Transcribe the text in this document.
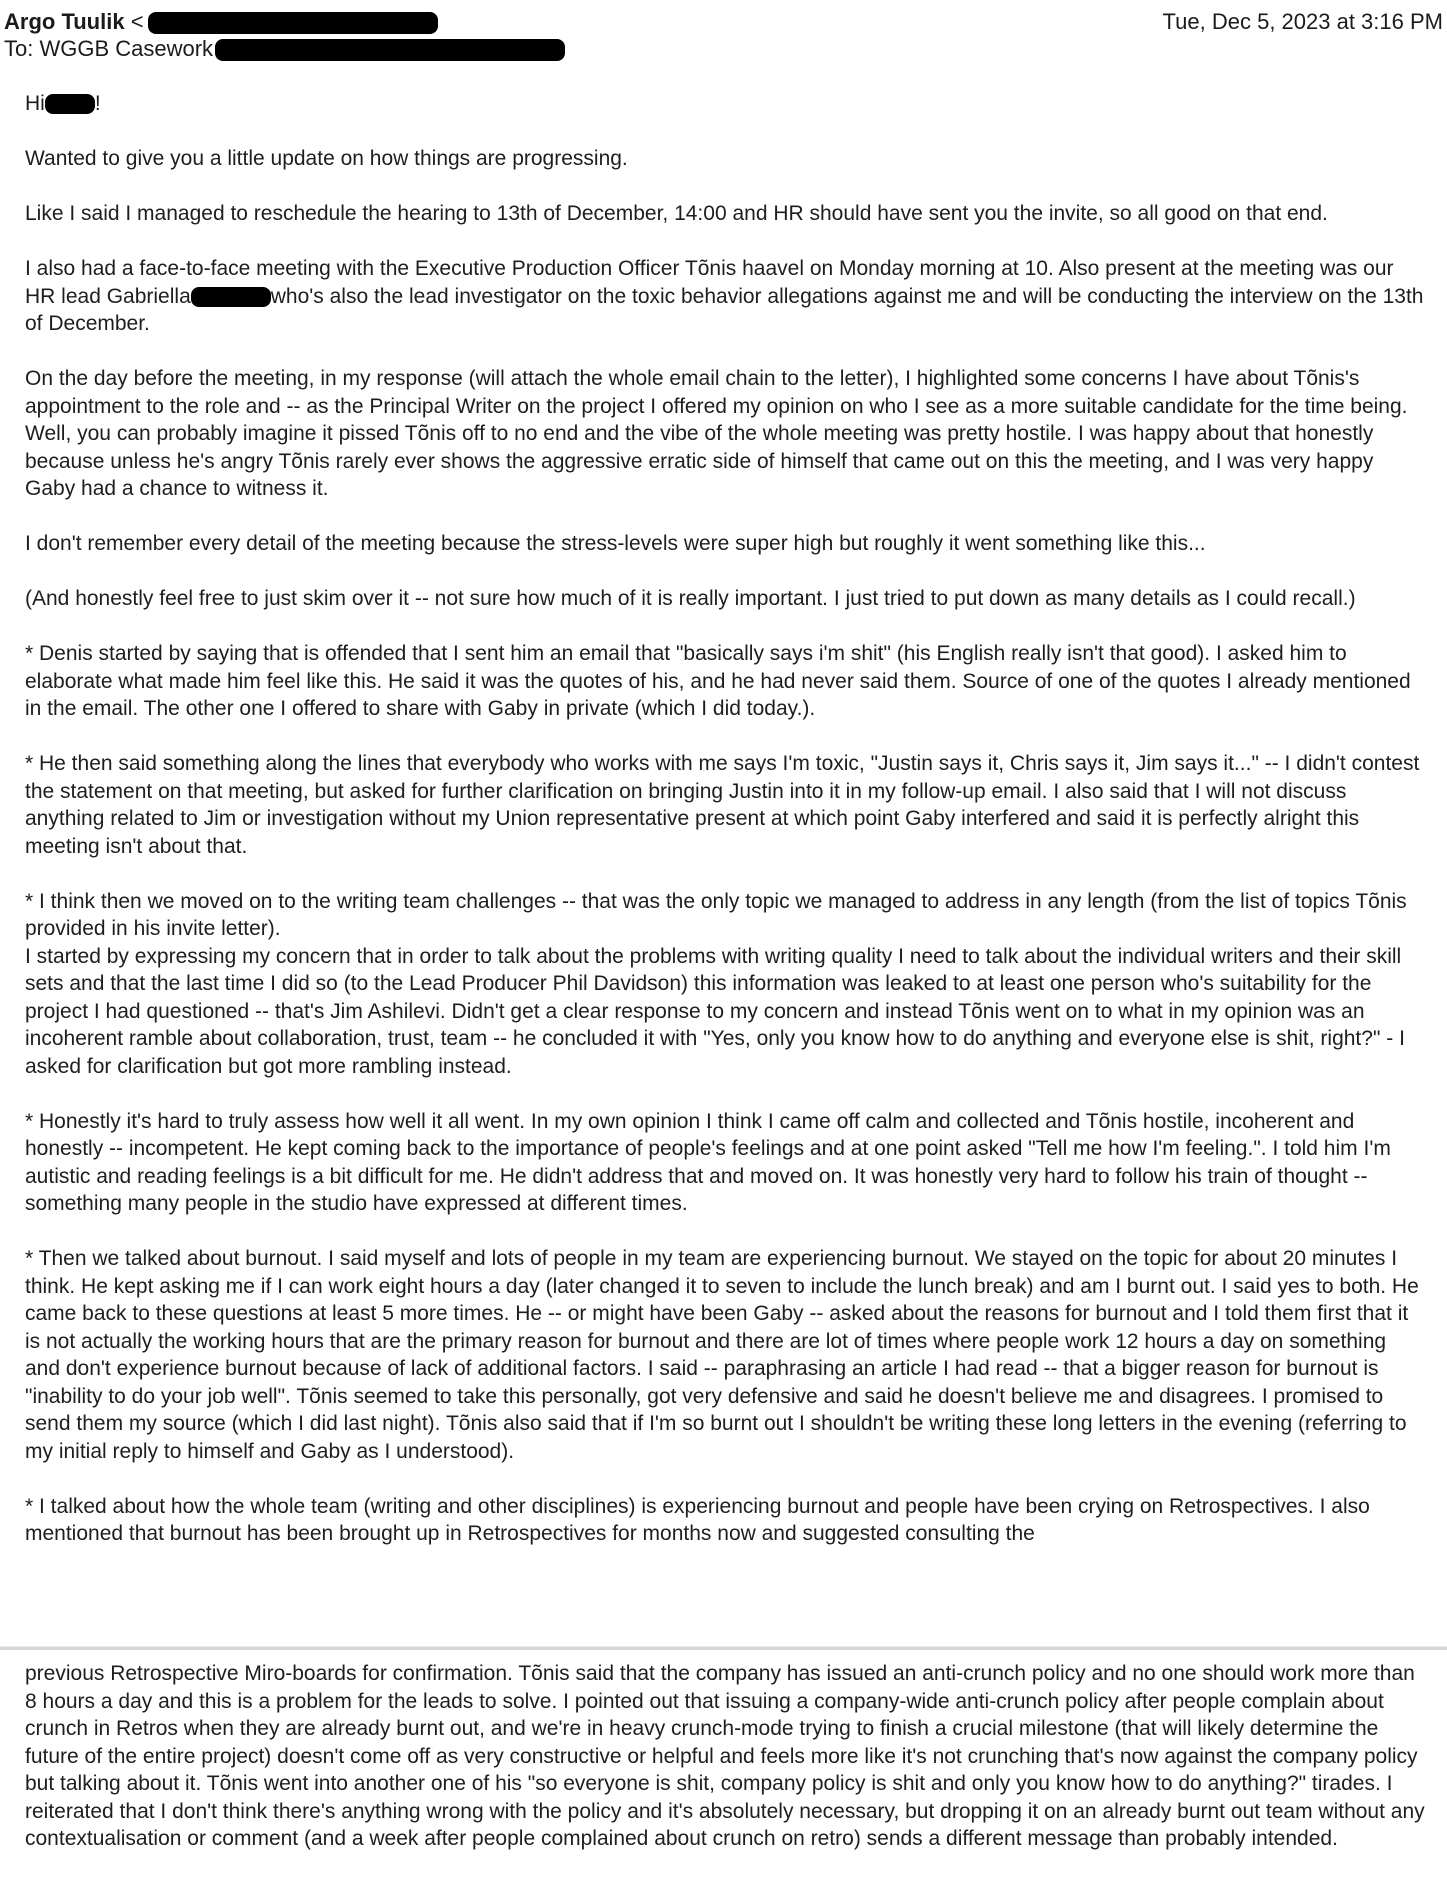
Argo Tuulik <
To: WGGB Casework
Tue, Dec 5, 2023 at 3:16 PM

Hi !

Wanted to give you a little update on how things are progressing.

Like I said I managed to reschedule the hearing to 13th of December, 14:00 and HR should have sent you the invite, so all good on that end.

I also had a face-to-face meeting with the Executive Production Officer Tõnis haavel on Monday morning at 10. Also present at the meeting was our HR lead Gabriella	who's also the lead investigator on the toxic behavior allegations against me and will be conducting the interview on the 13th of December.

On the day before the meeting, in my response (will attach the whole email chain to the letter), I highlighted some concerns I have about Tõnis's appointment to the role and -- as the Principal Writer on the project I offered my opinion on who I see as a more suitable candidate for the time being. Well, you can probably imagine it pissed Tõnis off to no end and the vibe of the whole meeting was pretty hostile. I was happy about that honestly because unless he's angry Tõnis rarely ever shows the aggressive erratic side of himself that came out on this the meeting, and I was very happy Gaby had a chance to witness it.

I don't remember every detail of the meeting because the stress-levels were super high but roughly it went something like this...

(And honestly feel free to just skim over it -- not sure how much of it is really important. I just tried to put down as many details as I could recall.)

* Denis started by saying that is offended that I sent him an email that "basically says i'm shit" (his English really isn't that good). I asked him to elaborate what made him feel like this. He said it was the quotes of his, and he had never said them. Source of one of the quotes I already mentioned in the email. The other one I offered to share with Gaby in private (which I did today.).

* He then said something along the lines that everybody who works with me says I'm toxic, "Justin says it, Chris says it, Jim says it..." -- I didn't contest the statement on that meeting, but asked for further clarification on bringing Justin into it in my follow-up email. I also said that I will not discuss anything related to Jim or investigation without my Union representative present at which point Gaby interfered and said it is perfectly alright this meeting isn't about that.

* I think then we moved on to the writing team challenges -- that was the only topic we managed to address in any length (from the list of topics Tõnis provided in his invite letter).
I started by expressing my concern that in order to talk about the problems with writing quality I need to talk about the individual writers and their skill sets and that the last time I did so (to the Lead Producer Phil Davidson) this information was leaked to at least one person who's suitability for the project I had questioned -- that's Jim Ashilevi. Didn't get a clear response to my concern and instead Tõnis went on to what in my opinion was an incoherent ramble about collaboration, trust, team -- he concluded it with "Yes, only you know how to do anything and everyone else is shit, right?" - I asked for clarification but got more rambling instead.

* Honestly it's hard to truly assess how well it all went. In my own opinion I think I came off calm and collected and Tõnis hostile, incoherent and honestly -- incompetent. He kept coming back to the importance of people's feelings and at one point asked "Tell me how I'm feeling.". I told him I'm autistic and reading feelings is a bit difficult for me. He didn't address that and moved on. It was honestly very hard to follow his train of thought -- something many people in the studio have expressed at different times.

* Then we talked about burnout. I said myself and lots of people in my team are experiencing burnout. We stayed on the topic for about 20 minutes I think. He kept asking me if I can work eight hours a day (later changed it to seven to include the lunch break) and am I burnt out. I said yes to both. He came back to these questions at least 5 more times. He -- or might have been Gaby -- asked about the reasons for burnout and I told them first that it is not actually the working hours that are the primary reason for burnout and there are lot of times where people work 12 hours a day on something and don't experience burnout because of lack of additional factors. I said -- paraphrasing an article I had read -- that a bigger reason for burnout is "inability to do your job well". Tõnis seemed to take this personally, got very defensive and said he doesn't believe me and disagrees. I promised to send them my source (which I did last night). Tõnis also said that if I'm so burnt out I shouldn't be writing these long letters in the evening (referring to my initial reply to himself and Gaby as I understood).

* I talked about how the whole team (writing and other disciplines) is experiencing burnout and people have been crying on Retrospectives. I also mentioned that burnout has been brought up in Retrospectives for months now and suggested consulting the

previous Retrospective Miro-boards for confirmation. Tõnis said that the company has issued an anti-crunch policy and no one should work more than 8 hours a day and this is a problem for the leads to solve. I pointed out that issuing a company-wide anti-crunch policy after people complain about crunch in Retros when they are already burnt out, and we're in heavy crunch-mode trying to finish a crucial milestone (that will likely determine the future of the entire project) doesn't come off as very constructive or helpful and feels more like it's not crunching that's now against the company policy but talking about it. Tõnis went into another one of his "so everyone is shit, company policy is shit and only you know how to do anything?" tirades. I reiterated that I don't think there's anything wrong with the policy and it's absolutely necessary, but dropping it on an already burnt out team without any contextualisation or comment (and a week after people complained about crunch on retro) sends a different message than probably intended.
